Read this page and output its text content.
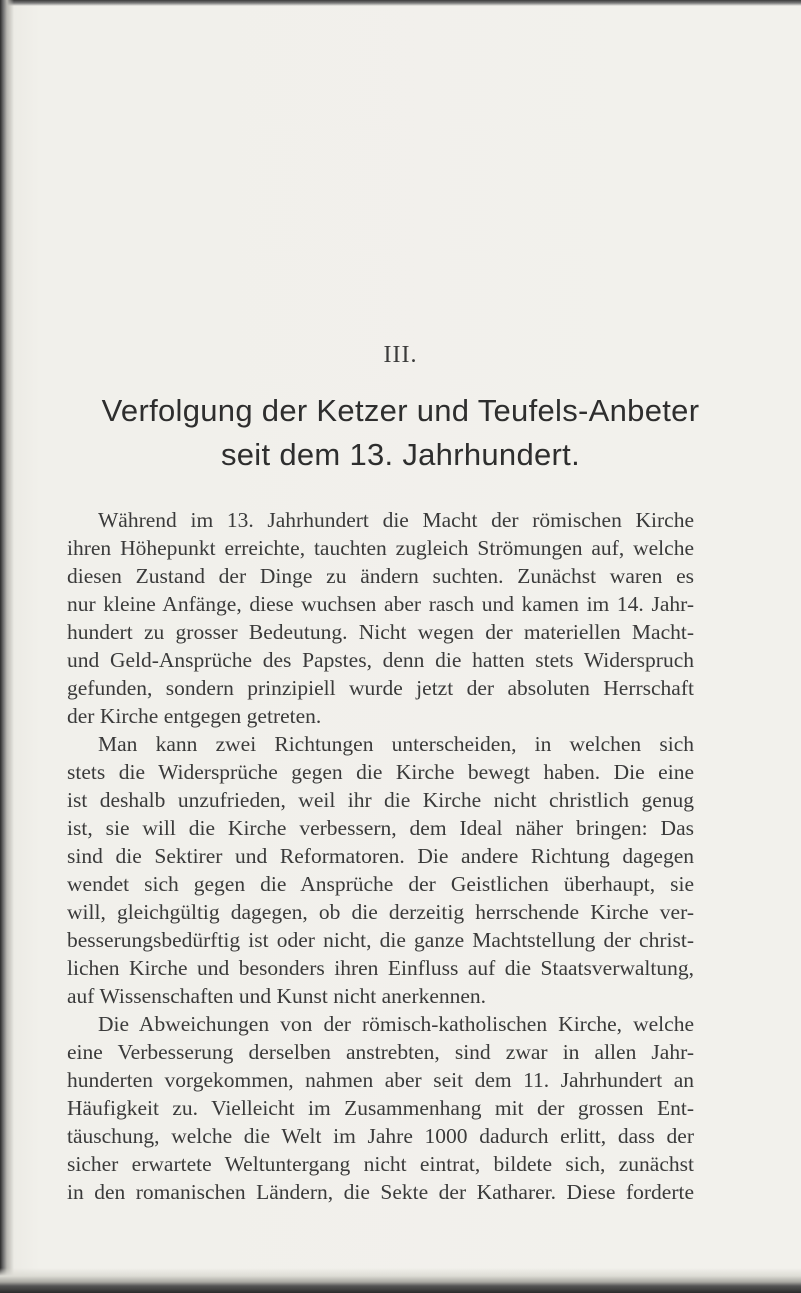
III.
Verfolgung der Ketzer und Teufels-Anbeter
seit dem 13. Jahrhundert.
Während im 13. Jahrhundert die Macht der römischen Kirche
ihren Höhepunkt erreichte, tauchten zugleich Strömungen auf, welche
diesen Zustand der Dinge zu ändern suchten. Zunächst waren es
nur kleine Anfänge, diese wuchsen aber rasch und kamen im 14. Jahr-
hundert zu grosser Bedeutung. Nicht wegen der materiellen Macht-
und Geld-Ansprüche des Papstes, denn die hatten stets Widerspruch
gefunden, sondern prinzipiell wurde jetzt der absoluten Herrschaft
der Kirche entgegen getreten.
Man kann zwei Richtungen unterscheiden, in welchen sich
stets die Widersprüche gegen die Kirche bewegt haben. Die eine
ist deshalb unzufrieden, weil ihr die Kirche nicht christlich genug
ist, sie will die Kirche verbessern, dem Ideal näher bringen: Das
sind die Sektirer und Reformatoren. Die andere Richtung dagegen
wendet sich gegen die Ansprüche der Geistlichen überhaupt, sie
will, gleichgültig dagegen, ob die derzeitig herrschende Kirche ver-
besserungsbedürftig ist oder nicht, die ganze Machtstellung der christ-
lichen Kirche und besonders ihren Einfluss auf die Staatsverwaltung,
auf Wissenschaften und Kunst nicht anerkennen.
Die Abweichungen von der römisch-katholischen Kirche, welche
eine Verbesserung derselben anstrebten, sind zwar in allen Jahr-
hunderten vorgekommen, nahmen aber seit dem 11. Jahrhundert an
Häufigkeit zu. Vielleicht im Zusammenhang mit der grossen Ent-
täuschung, welche die Welt im Jahre 1000 dadurch erlitt, dass der
sicher erwartete Weltuntergang nicht eintrat, bildete sich, zunächst
in den romanischen Ländern, die Sekte der Katharer. Diese forderte
